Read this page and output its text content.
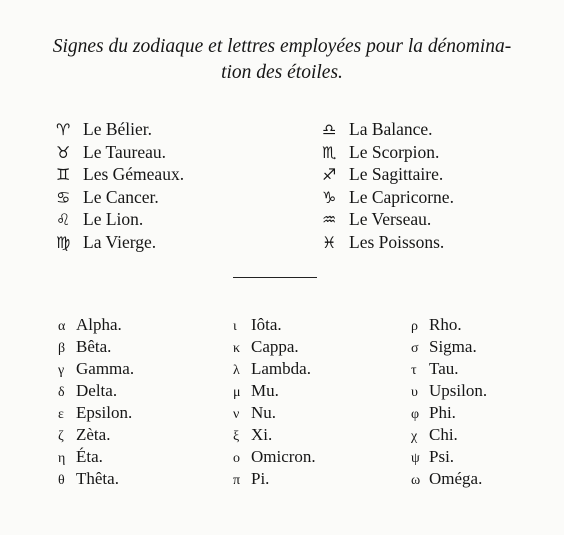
Signes du zodiaque et lettres employées pour la dénomina-
tion des étoiles.
♈ Le Bélier.
♉ Le Taureau.
♊ Les Gémeaux.
♋ Le Cancer.
♌ Le Lion.
♍ La Vierge.
♎ La Balance.
♏ Le Scorpion.
♐ Le Sagittaire.
♑ Le Capricorne.
♒ Le Verseau.
♓ Les Poissons.
α Alpha.
β Bêta.
γ Gamma.
δ Delta.
ε Epsilon.
ζ Zèta.
η Éta.
θ Thêta.
ι Iôta.
κ Cappa.
λ Lambda.
μ Mu.
ν Nu.
ξ Xi.
ο Omicron.
π Pi.
ρ Rho.
σ Sigma.
τ Tau.
υ Upsilon.
φ Phi.
χ Chi.
ψ Psi.
ω Oméga.
